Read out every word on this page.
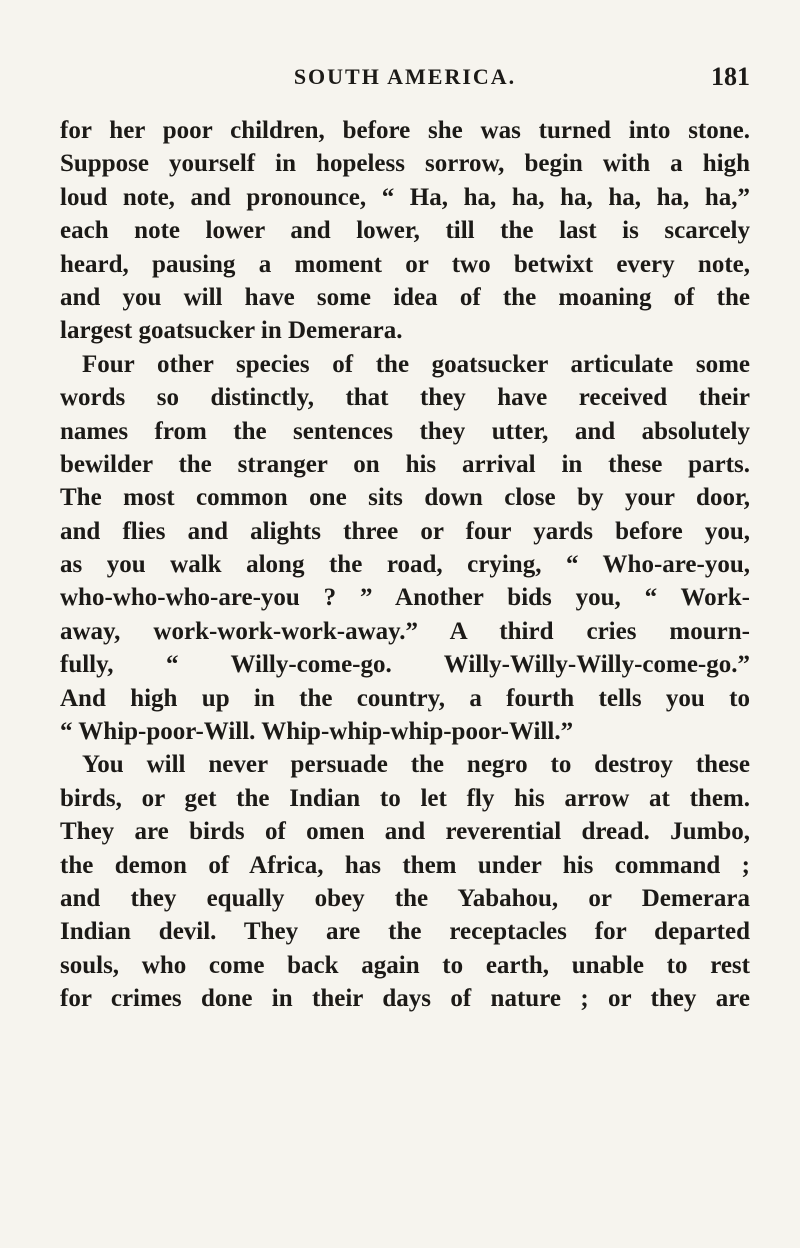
SOUTH AMERICA.	181
for her poor children, before she was turned into stone.
Suppose yourself in hopeless sorrow, begin with a high
loud note, and pronounce, “ Ha, ha, ha, ha, ha, ha, ha,”
each note lower and lower, till the last is scarcely
heard, pausing a moment or two betwixt every note,
and you will have some idea of the moaning of the
largest goatsucker in Demerara.
Four other species of the goatsucker articulate some
words so distinctly, that they have received their
names from the sentences they utter, and absolutely
bewilder the stranger on his arrival in these parts.
The most common one sits down close by your door,
and flies and alights three or four yards before you,
as you walk along the road, crying, “ Who-are-you,
who-who-who-are-you ? ” Another bids you, “ Work-
away, work-work-work-away.” A third cries mourn-
fully, “ Willy-come-go. Willy-Willy-Willy-come-go.”
And high up in the country, a fourth tells you to
“ Whip-poor-Will. Whip-whip-whip-poor-Will.”
You will never persuade the negro to destroy these
birds, or get the Indian to let fly his arrow at them.
They are birds of omen and reverential dread. Jumbo,
the demon of Africa, has them under his command ;
and they equally obey the Yabahou, or Demerara
Indian devil. They are the receptacles for departed
souls, who come back again to earth, unable to rest
for crimes done in their days of nature ; or they are
